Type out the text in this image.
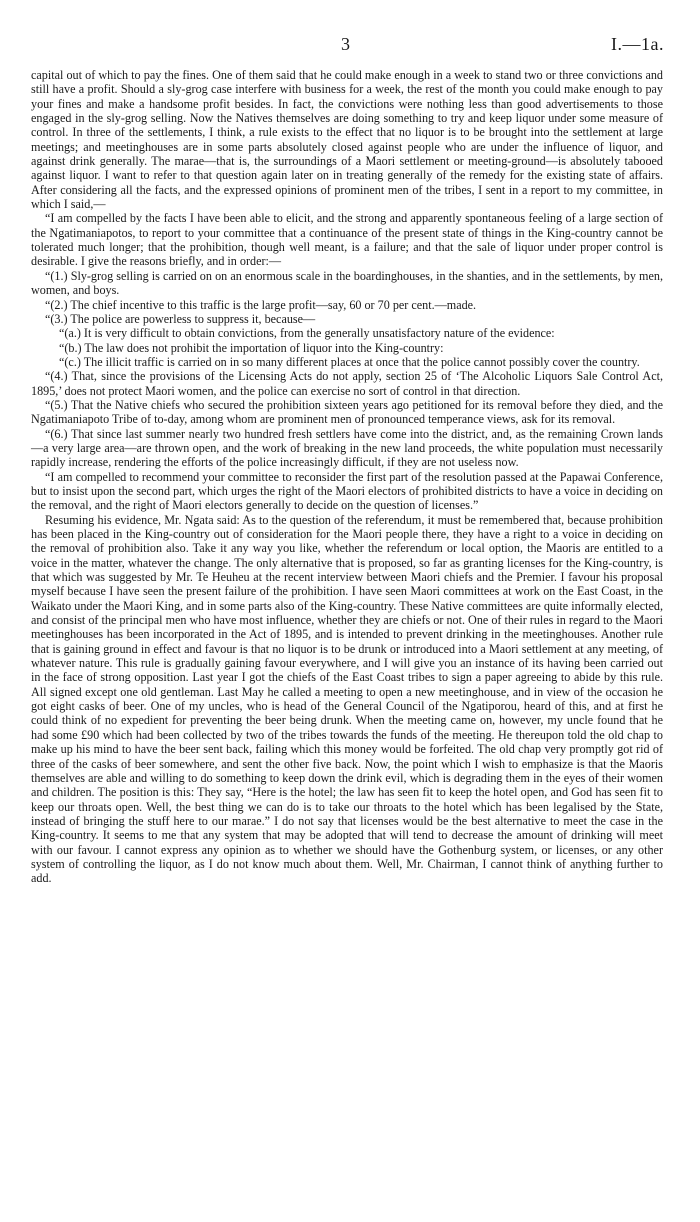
3	I.—1a.

capital out of which to pay the fines. One of them said that he could make enough in a week to stand two or three convictions and still have a profit. Should a sly-grog case interfere with business for a week, the rest of the month you could make enough to pay your fines and make a handsome profit besides. In fact, the convictions were nothing less than good advertisements to those engaged in the sly-grog selling. Now the Natives themselves are doing something to try and keep liquor under some measure of control. In three of the settlements, I think, a rule exists to the effect that no liquor is to be brought into the settlement at large meetings; and meetinghouses are in some parts absolutely closed against people who are under the influence of liquor, and against drink generally. The marae—that is, the surroundings of a Maori settlement or meeting-ground—is absolutely tabooed against liquor. I want to refer to that question again later on in treating generally of the remedy for the existing state of affairs. After considering all the facts, and the expressed opinions of prominent men of the tribes, I sent in a report to my committee, in which I said,—

“I am compelled by the facts I have been able to elicit, and the strong and apparently spontaneous feeling of a large section of the Ngatimaniapotos, to report to your committee that a continuance of the present state of things in the King-country cannot be tolerated much longer; that the prohibition, though well meant, is a failure; and that the sale of liquor under proper control is desirable. I give the reasons briefly, and in order:—

“(1.) Sly-grog selling is carried on on an enormous scale in the boardinghouses, in the shanties, and in the settlements, by men, women, and boys.

“(2.) The chief incentive to this traffic is the large profit—say, 60 or 70 per cent.—made.

“(3.) The police are powerless to suppress it, because—

“(a.) It is very difficult to obtain convictions, from the generally unsatisfactory nature of the evidence:

“(b.) The law does not prohibit the importation of liquor into the King-country:

“(c.) The illicit traffic is carried on in so many different places at once that the police cannot possibly cover the country.

“(4.) That, since the provisions of the Licensing Acts do not apply, section 25 of ‘The Alcoholic Liquors Sale Control Act, 1895,’ does not protect Maori women, and the police can exercise no sort of control in that direction.

“(5.) That the Native chiefs who secured the prohibition sixteen years ago petitioned for its removal before they died, and the Ngatimaniapoto Tribe of to-day, among whom are prominent men of pronounced temperance views, ask for its removal.

“(6.) That since last summer nearly two hundred fresh settlers have come into the district, and, as the remaining Crown lands—a very large area—are thrown open, and the work of breaking in the new land proceeds, the white population must necessarily rapidly increase, rendering the efforts of the police increasingly difficult, if they are not useless now.

“I am compelled to recommend your committee to reconsider the first part of the resolution passed at the Papawai Conference, but to insist upon the second part, which urges the right of the Maori electors of prohibited districts to have a voice in deciding on the removal, and the right of Maori electors generally to decide on the question of licenses.”

Resuming his evidence, Mr. Ngata said: As to the question of the referendum, it must be remembered that, because prohibition has been placed in the King-country out of consideration for the Maori people there, they have a right to a voice in deciding on the removal of prohibition also. Take it any way you like, whether the referendum or local option, the Maoris are entitled to a voice in the matter, whatever the change. The only alternative that is proposed, so far as granting licenses for the King-country, is that which was suggested by Mr. Te Heuheu at the recent interview between Maori chiefs and the Premier. I favour his proposal myself because I have seen the present failure of the prohibition. I have seen Maori committees at work on the East Coast, in the Waikato under the Maori King, and in some parts also of the King-country. These Native committees are quite informally elected, and consist of the principal men who have most influence, whether they are chiefs or not. One of their rules in regard to the Maori meetinghouses has been incorporated in the Act of 1895, and is intended to prevent drinking in the meetinghouses. Another rule that is gaining ground in effect and favour is that no liquor is to be drunk or introduced into a Maori settlement at any meeting, of whatever nature. This rule is gradually gaining favour everywhere, and I will give you an instance of its having been carried out in the face of strong opposition. Last year I got the chiefs of the East Coast tribes to sign a paper agreeing to abide by this rule. All signed except one old gentleman. Last May he called a meeting to open a new meetinghouse, and in view of the occasion he got eight casks of beer. One of my uncles, who is head of the General Council of the Ngatiporou, heard of this, and at first he could think of no expedient for preventing the beer being drunk. When the meeting came on, however, my uncle found that he had some £90 which had been collected by two of the tribes towards the funds of the meeting. He thereupon told the old chap to make up his mind to have the beer sent back, failing which this money would be forfeited. The old chap very promptly got rid of three of the casks of beer somewhere, and sent the other five back. Now, the point which I wish to emphasize is that the Maoris themselves are able and willing to do something to keep down the drink evil, which is degrading them in the eyes of their women and children. The position is this: They say, “Here is the hotel; the law has seen fit to keep the hotel open, and God has seen fit to keep our throats open. Well, the best thing we can do is to take our throats to the hotel which has been legalised by the State, instead of bringing the stuff here to our marae.” I do not say that licenses would be the best alternative to meet the case in the King-country. It seems to me that any system that may be adopted that will tend to decrease the amount of drinking will meet with our favour. I cannot express any opinion as to whether we should have the Gothenburg system, or licenses, or any other system of controlling the liquor, as I do not know much about them. Well, Mr. Chairman, I cannot think of anything further to add.
